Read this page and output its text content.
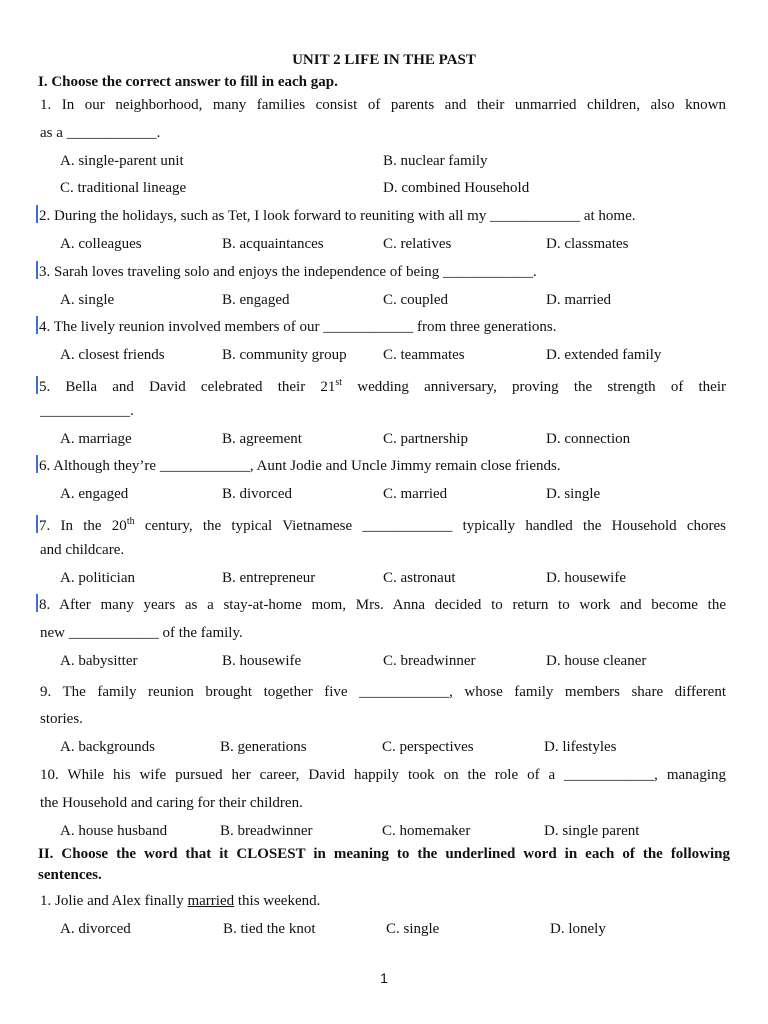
UNIT 2 LIFE IN THE PAST
I. Choose the correct answer to fill in each gap.
1. In our neighborhood, many families consist of parents and their unmarried children, also known
as a ____________.
A. single-parent unit	B. nuclear family
C. traditional lineage	D. combined Household
2. During the holidays, such as Tet, I look forward to reuniting with all my ____________ at home.
A. colleagues	B. acquaintances	C. relatives	D. classmates
3. Sarah loves traveling solo and enjoys the independence of being ____________.
A. single	B. engaged	C. coupled	D. married
4. The lively reunion involved members of our ____________ from three generations.
A. closest friends	B. community group C. teammates	D. extended family
5. Bella and David celebrated their 21st wedding anniversary, proving the strength of their
____________.
A. marriage	B. agreement	C. partnership	D. connection
6. Although they’re ____________, Aunt Jodie and Uncle Jimmy remain close friends.
A. engaged	B. divorced	C. married	D. single
7. In the 20th century, the typical Vietnamese ____________ typically handled the Household chores
and childcare.
A. politician	B. entrepreneur	C. astronaut	D. housewife
8. After many years as a stay-at-home mom, Mrs. Anna decided to return to work and become the
new ____________ of the family.
A. babysitter	B. housewife	C. breadwinner	D. house cleaner
9. The family reunion brought together five ____________, whose family members share different
stories.
A. backgrounds	B. generations	C. perspectives	D. lifestyles
10. While his wife pursued her career, David happily took on the role of a ____________, managing
the Household and caring for their children.
A. house husband	B. breadwinner	C. homemaker	D. single parent
II. Choose the word that it CLOSEST in meaning to the underlined word in each of the following
sentences.
1. Jolie and Alex finally married this weekend.
A. divorced	B. tied the knot	C. single	D. lonely
1
